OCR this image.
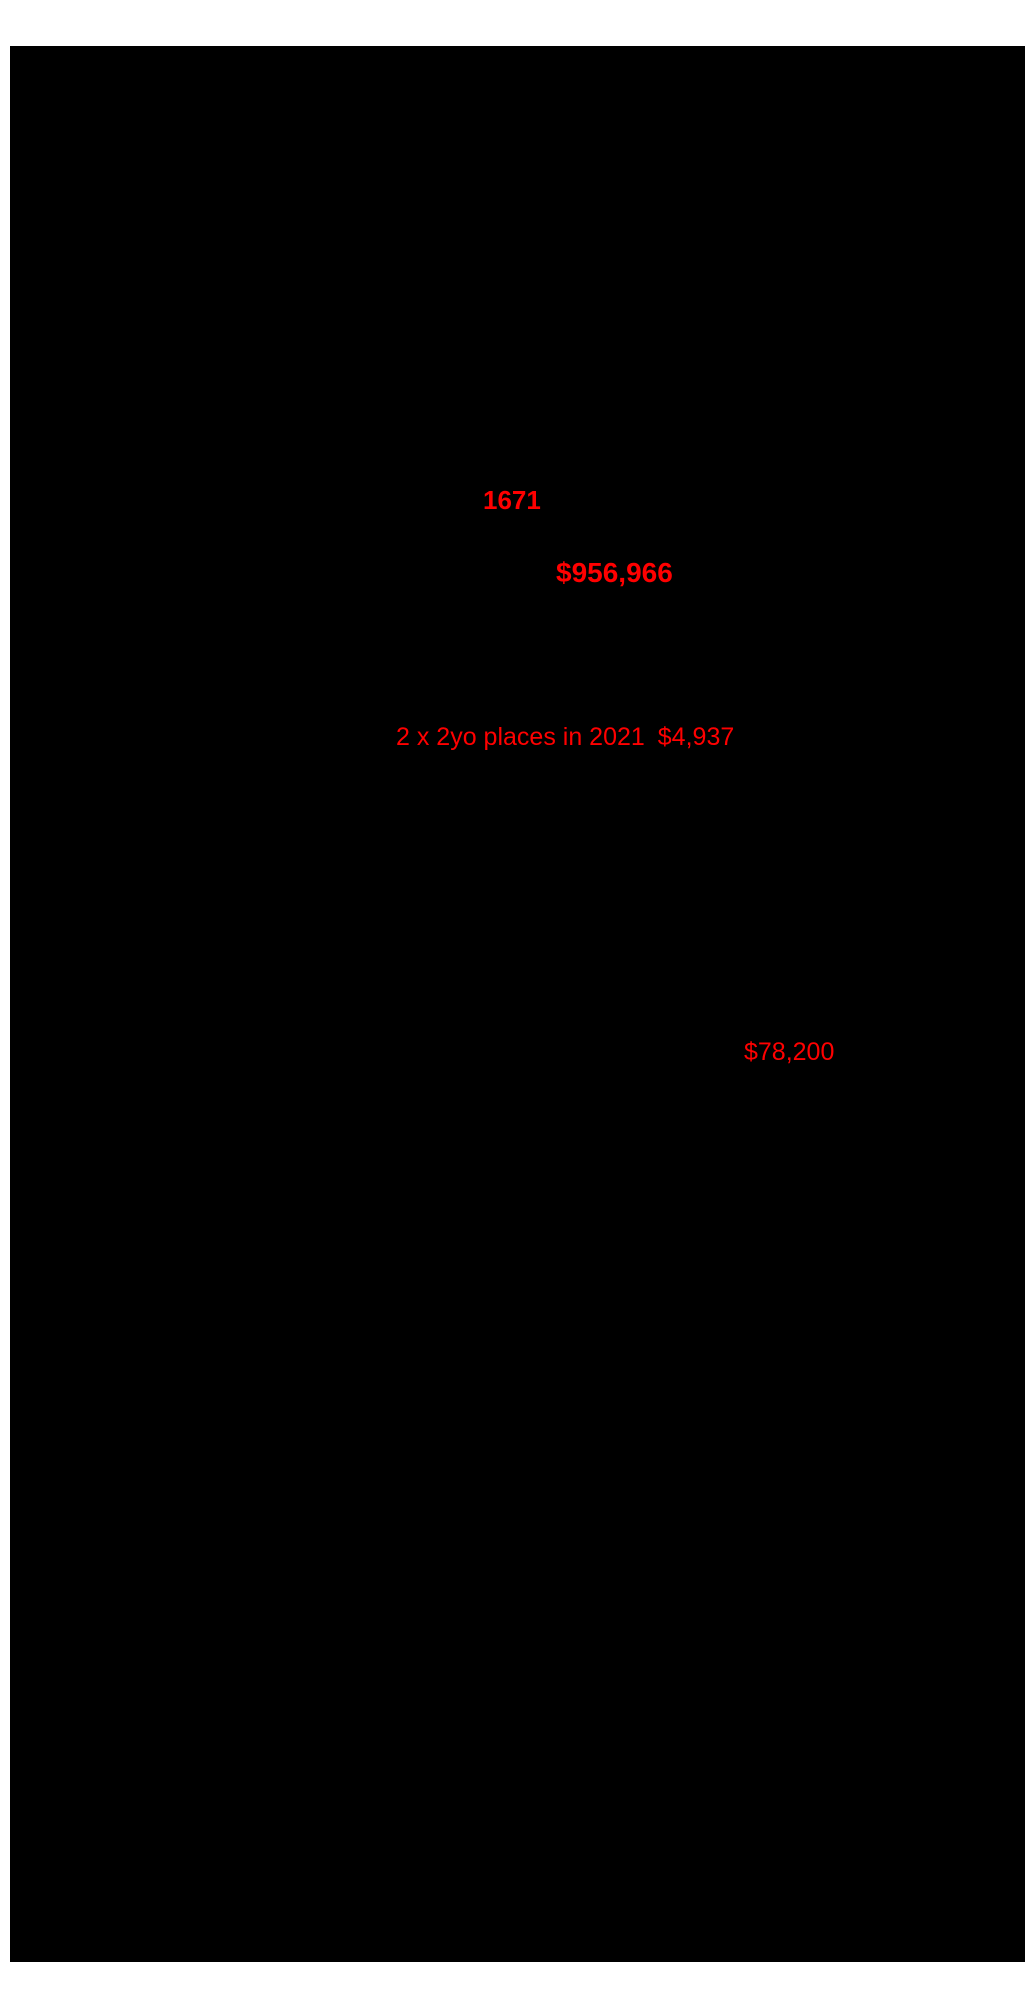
1671
$956,966
2 x 2yo places in 2021 $4,937
$78,200
